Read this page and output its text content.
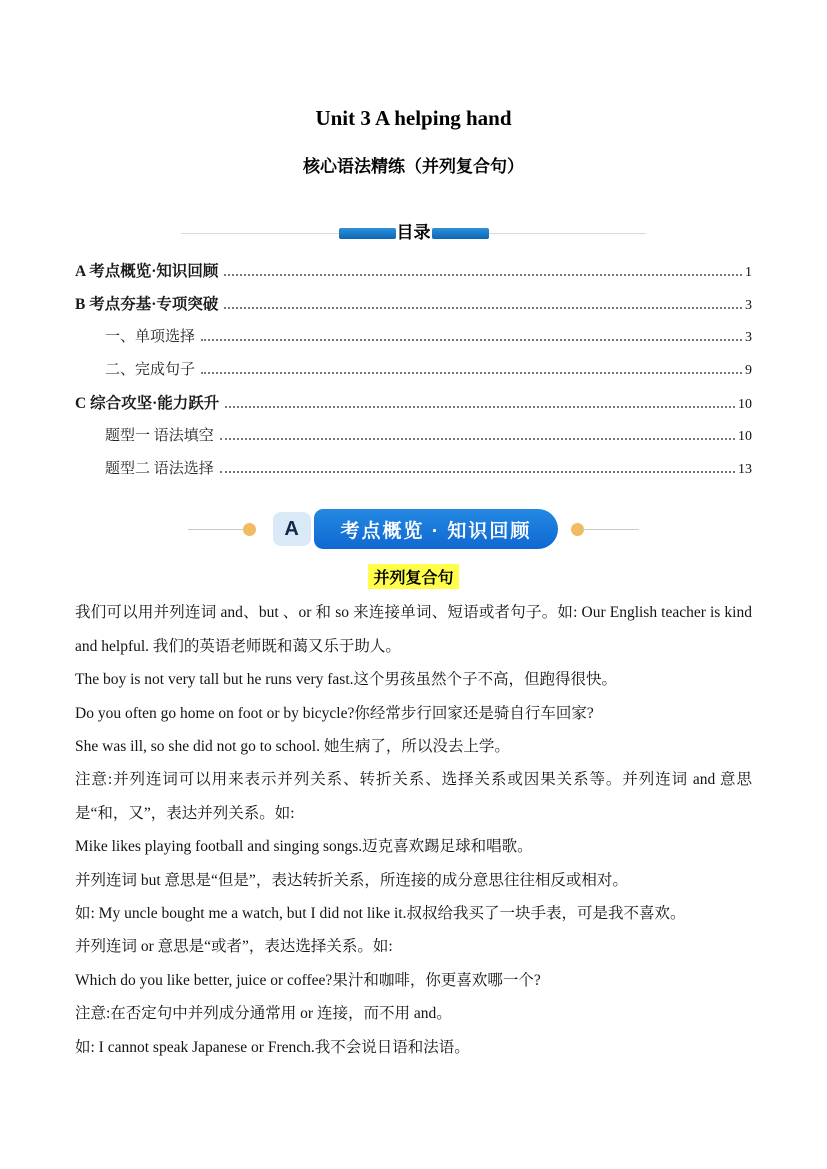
Unit 3 A helping hand
核心语法精练（并列复合句）
目录
A 考点概览·知识回顾	1
B 考点夯基·专项突破	3
一、单项选择	3
二、完成句子	9
C 综合攻坚·能力跃升	10
题型一 语法填空	10
题型二 语法选择	13
A	考点概览 · 知识回顾
并列复合句

我们可以用并列连词 and、but 、or 和 so 来连接单词、短语或者句子。如: Our English teacher is kind and helpful. 我们的英语老师既和蔼又乐于助人。

The boy is not very tall but he runs very fast.这个男孩虽然个子不高，但跑得很快。

Do you often go home on foot or by bicycle?你经常步行回家还是骑自行车回家?

She was ill, so she did not go to school. 她生病了，所以没去上学。

注意:并列连词可以用来表示并列关系、转折关系、选择关系或因果关系等。并列连词 and 意思是“和，又”，表达并列关系。如:

Mike likes playing football and singing songs.迈克喜欢踢足球和唱歌。

并列连词 but 意思是“但是”，表达转折关系，所连接的成分意思往往相反或相对。

如: My uncle bought me a watch, but I did not like it.叔叔给我买了一块手表，可是我不喜欢。

并列连词 or 意思是“或者”，表达选择关系。如:

Which do you like better, juice or coffee?果汁和咖啡，你更喜欢哪一个?

注意:在否定句中并列成分通常用 or 连接，而不用 and。

如: I cannot speak Japanese or French.我不会说日语和法语。
